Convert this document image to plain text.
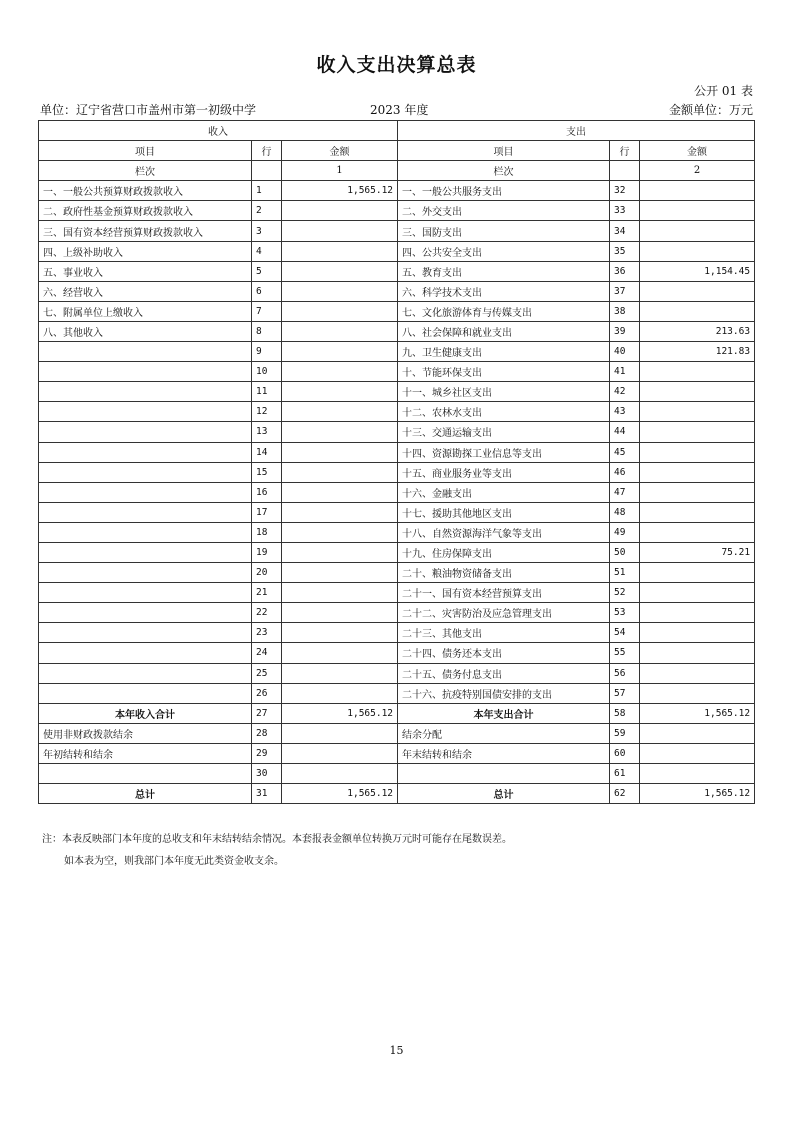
收入支出决算总表
公开 01 表
单位：辽宁省营口市盖州市第一初级中学	2023 年度	金额单位：万元
收入			支出		
项目	行	金额	项目	行	金额
栏次		1	栏次		2
一、一般公共预算财政拨款收入	1	1,565.12	一、一般公共服务支出	32	
二、政府性基金预算财政拨款收入	2		二、外交支出	33	
三、国有资本经营预算财政拨款收入	3		三、国防支出	34	
四、上级补助收入	4		四、公共安全支出	35	
五、事业收入	5		五、教育支出	36	1,154.45
六、经营收入	6		六、科学技术支出	37	
七、附属单位上缴收入	7		七、文化旅游体育与传媒支出	38	
八、其他收入	8		八、社会保障和就业支出	39	213.63
	9		九、卫生健康支出	40	121.83
	10		十、节能环保支出	41	
	11		十一、城乡社区支出	42	
	12		十二、农林水支出	43	
	13		十三、交通运输支出	44	
	14		十四、资源勘探工业信息等支出	45	
	15		十五、商业服务业等支出	46	
	16		十六、金融支出	47	
	17		十七、援助其他地区支出	48	
	18		十八、自然资源海洋气象等支出	49	
	19		十九、住房保障支出	50	75.21
	20		二十、粮油物资储备支出	51	
	21		二十一、国有资本经营预算支出	52	
	22		二十二、灾害防治及应急管理支出	53	
	23		二十三、其他支出	54	
	24		二十四、债务还本支出	55	
	25		二十五、债务付息支出	56	
	26		二十六、抗疫特别国债安排的支出	57	
本年收入合计	27	1,565.12	本年支出合计	58	1,565.12
使用非财政拨款结余	28		结余分配	59	
年初结转和结余	29		年末结转和结余	60	
	30			61	
总计	31	1,565.12	总计	62	1,565.12
注：本表反映部门本年度的总收支和年末结转结余情况。本套报表金额单位转换万元时可能存在尾数误差。
如本表为空，则我部门本年度无此类资金收支余。
15
